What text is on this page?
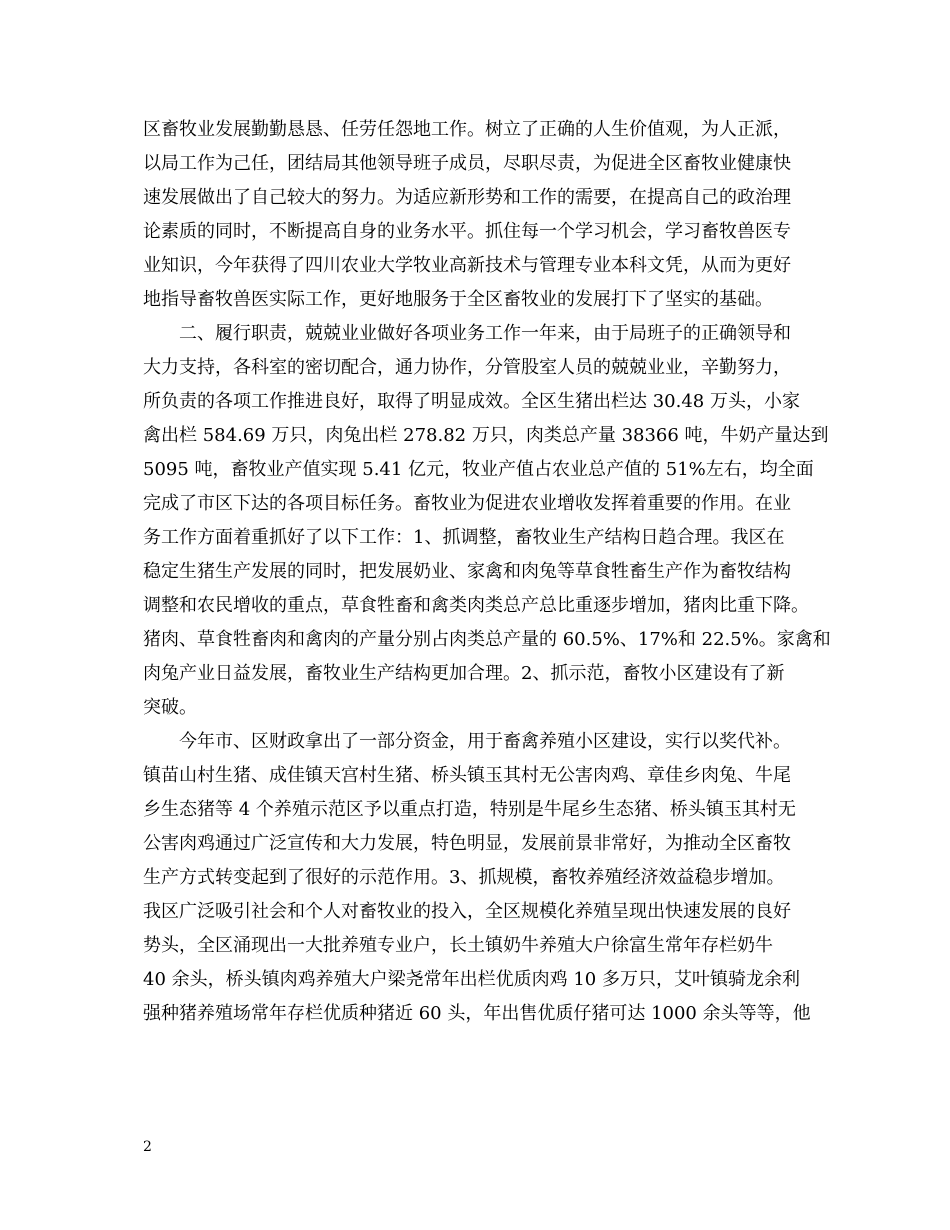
区畜牧业发展勤勤恳恳、任劳任怨地工作。树立了正确的人生价值观，为人正派，
以局工作为己任，团结局其他领导班子成员，尽职尽责，为促进全区畜牧业健康快
速发展做出了自己较大的努力。为适应新形势和工作的需要，在提高自己的政治理
论素质的同时，不断提高自身的业务水平。抓住每一个学习机会，学习畜牧兽医专
业知识，今年获得了四川农业大学牧业高新技术与管理专业本科文凭，从而为更好
地指导畜牧兽医实际工作，更好地服务于全区畜牧业的发展打下了坚实的基础。
　　二、履行职责，兢兢业业做好各项业务工作一年来，由于局班子的正确领导和
大力支持，各科室的密切配合，通力协作，分管股室人员的兢兢业业，辛勤努力，
所负责的各项工作推进良好，取得了明显成效。全区生猪出栏达 30.48 万头，小家
禽出栏 584.69 万只，肉兔出栏 278.82 万只，肉类总产量 38366 吨，牛奶产量达到
5095 吨，畜牧业产值实现 5.41 亿元，牧业产值占农业总产值的 51%左右，均全面
完成了市区下达的各项目标任务。畜牧业为促进农业增收发挥着重要的作用。在业
务工作方面着重抓好了以下工作：1、抓调整，畜牧业生产结构日趋合理。我区在
稳定生猪生产发展的同时，把发展奶业、家禽和肉兔等草食牲畜生产作为畜牧结构
调整和农民增收的重点，草食牲畜和禽类肉类总产总比重逐步增加，猪肉比重下降。
猪肉、草食牲畜肉和禽肉的产量分别占肉类总产量的 60.5%、17%和 22.5%。家禽和
肉兔产业日益发展，畜牧业生产结构更加合理。2、抓示范，畜牧小区建设有了新
突破。
　　今年市、区财政拿出了一部分资金，用于畜禽养殖小区建设，实行以奖代补。
镇苗山村生猪、成佳镇天宫村生猪、桥头镇玉其村无公害肉鸡、章佳乡肉兔、牛尾
乡生态猪等 4 个养殖示范区予以重点打造，特别是牛尾乡生态猪、桥头镇玉其村无
公害肉鸡通过广泛宣传和大力发展，特色明显，发展前景非常好，为推动全区畜牧
生产方式转变起到了很好的示范作用。3、抓规模，畜牧养殖经济效益稳步增加。
我区广泛吸引社会和个人对畜牧业的投入，全区规模化养殖呈现出快速发展的良好
势头，全区涌现出一大批养殖专业户，长土镇奶牛养殖大户徐富生常年存栏奶牛
40 余头，桥头镇肉鸡养殖大户梁尧常年出栏优质肉鸡 10 多万只，艾叶镇骑龙余利
强种猪养殖场常年存栏优质种猪近 60 头，年出售优质仔猪可达 1000 余头等等，他
2
